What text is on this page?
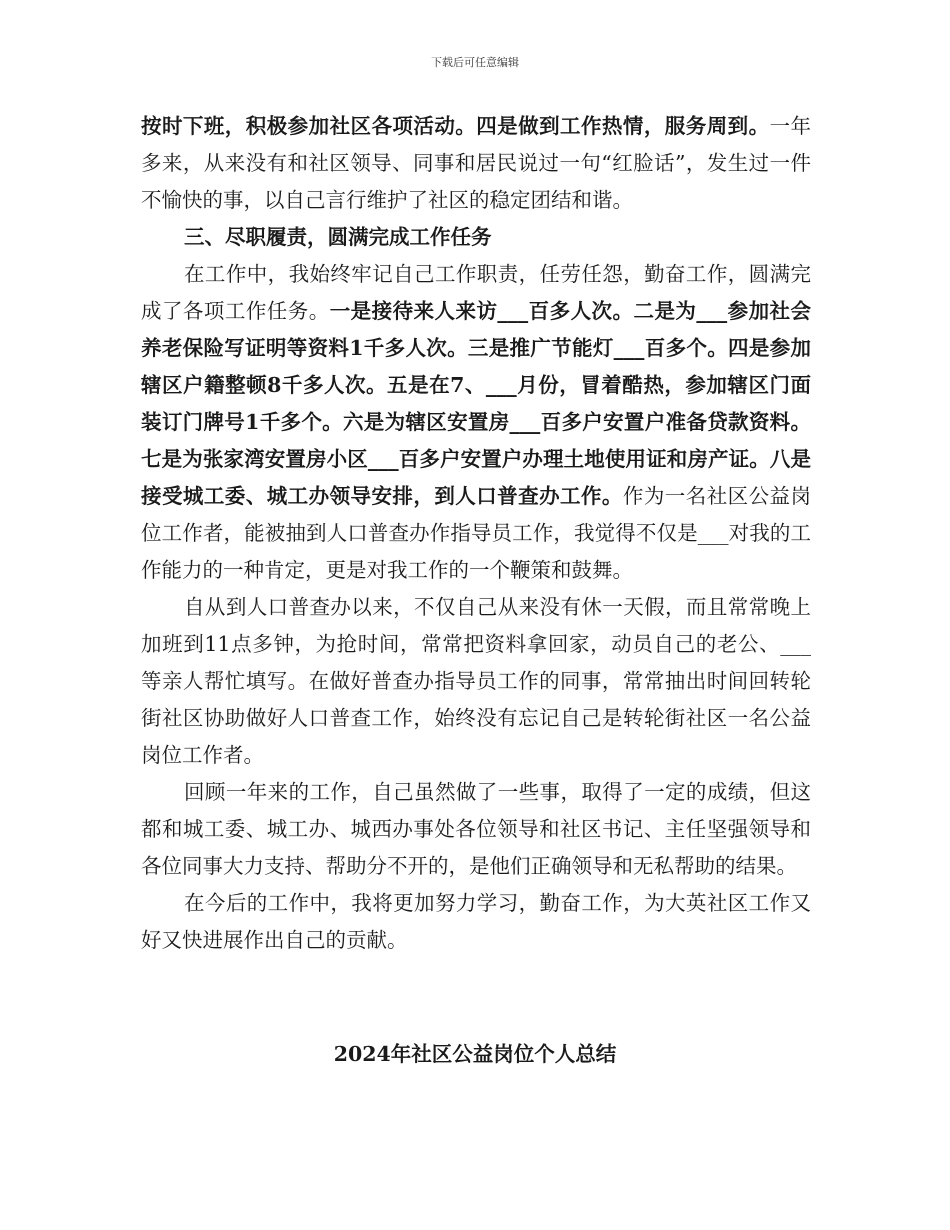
下载后可任意编辑

按时下班，积极参加社区各项活动。四是做到工作热情，服务周到。一年多来，从来没有和社区领导、同事和居民说过一句“红脸话”，发生过一件不愉快的事，以自己言行维护了社区的稳定团结和谐。

三、尽职履责，圆满完成工作任务

在工作中，我始终牢记自己工作职责，任劳任怨，勤奋工作，圆满完成了各项工作任务。一是接待来人来访___百多人次。二是为___参加社会养老保险写证明等资料1千多人次。三是推广节能灯___百多个。四是参加辖区户籍整顿8千多人次。五是在7、___月份，冒着酷热，参加辖区门面装订门牌号1千多个。六是为辖区安置房___百多户安置户准备贷款资料。七是为张家湾安置房小区___百多户安置户办理土地使用证和房产证。八是接受城工委、城工办领导安排，到人口普查办工作。作为一名社区公益岗位工作者，能被抽到人口普查办作指导员工作，我觉得不仅是___对我的工作能力的一种肯定，更是对我工作的一个鞭策和鼓舞。

自从到人口普查办以来，不仅自己从来没有休一天假，而且常常晚上加班到11点多钟，为抢时间，常常把资料拿回家，动员自己的老公、___等亲人帮忙填写。在做好普查办指导员工作的同事，常常抽出时间回转轮街社区协助做好人口普查工作，始终没有忘记自己是转轮街社区一名公益岗位工作者。

回顾一年来的工作，自己虽然做了一些事，取得了一定的成绩，但这都和城工委、城工办、城西办事处各位领导和社区书记、主任坚强领导和各位同事大力支持、帮助分不开的，是他们正确领导和无私帮助的结果。

在今后的工作中，我将更加努力学习，勤奋工作，为大英社区工作又好又快进展作出自己的贡献。

2024年社区公益岗位个人总结
